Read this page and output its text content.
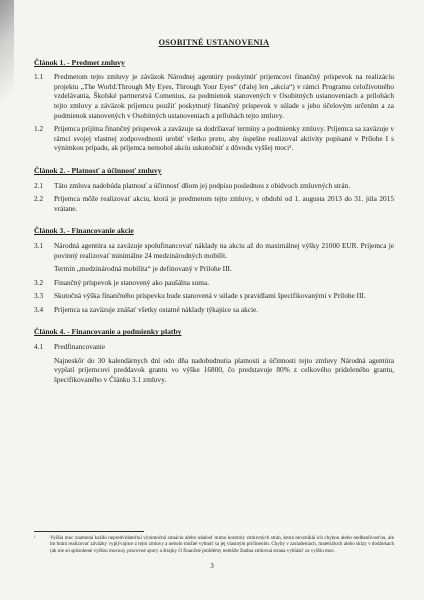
OSOBITNÉ USTANOVENIA
Článok 1. - Predmet zmluvy
1.1	Predmetom tejto zmluvy je záväzok Národnej agentúry poskytnúť prijemcovi finančný príspevok na realizáciu projektu „The World:Through My Eyes, Through Your Eyes“ (ďalej len „akcia“) v rámci Programu celoživotného vzdelávania, Školské partnerstvá Comenius, za podmienok stanovených v Osobitných ustanoveniach a prílohách tejto zmluvy a záväzok príjemcu použiť poskytnutý finančný príspevok v súlade s jeho účelovým určením a za podmienok stanovených v Osobitných ustanoveniach a prílohách tejto zmluvy.
1.2	Príjemca prijíma finančný príspevok a zaväzuje sa dodržiavať termíny a podmienky zmluvy. Príjemca sa zaväzuje v rámci svojej vlastnej zodpovednosti urobiť všetko preto, aby úspešne realizoval aktivity popísané v Prílohe I s výnimkou prípadu, ak príjemca nemohol akciu uskutočniť z dôvodu vyššej moci¹.
Článok 2. - Platnosť a účinnosť zmluvy
2.1	Táto zmluva nadobúda platnosť a účinnosť dňom jej podpisu poslednou z obidvoch zmluvných strán.
2.2	Príjemca môže realizovať akciu, ktorá je predmetom tejto zmluvy, v období od 1. augusta 2013 do 31. júla 2015 vrátane.
Článok 3. - Financovanie akcie
3.1	Národná agentúra sa zaväzuje spolufinancovať náklady na akciu až do maximálnej výšky 21000 EUR. Príjemca je povinný realizovať minimálne 24 medzinárodných mobilít.
Termín „medzinárodná mobilita“ je definovaný v Prílohe III.
3.2	Finančný príspevok je stanovený ako paušálna suma.
3.3	Skutočná výška finančného príspevku bude stanovená v súlade s pravidlami špecifikovanými v Prílohe III.
3.4	Príjemca sa zaväzuje znášať všetky ostatné náklady týkajúce sa akcie.
Článok 4. - Financovanie a podmienky platby
4.1	Predfinancovanie
Najneskôr do 30 kalendárnych dní odo dňa nadobudnutia platnosti a účinnosti tejto zmluvy Národná agentúra vyplatí príjemcovi preddavok grantu vo výške 16800, čo predstavuje 80% z celkového prideleného grantu, špecifikovaného v Článku 3.1 zmluvy.
¹	Vyššia moc znamená každú nepredvídateľnú výnimočnú situáciu alebo udalosť mimo kontroly zmluvných strán, ktorá nevzniklá ich chybou alebo nedbanlivosťou, ale im bráni realizovať záväzky vyplývajúce z tejto zmluvy a nebolo možné vyhnúť sa jej vlastným pričinením. Chyby v zariadeniach, materiáloch alebo sklzy v dodávkach (ak nie sú spôsobené vyššou mocou), pracovné spory a štrajky či finančné problémy nemôže žiadna zmluvná strana vyhlásiť za vyššiu moc.
3
